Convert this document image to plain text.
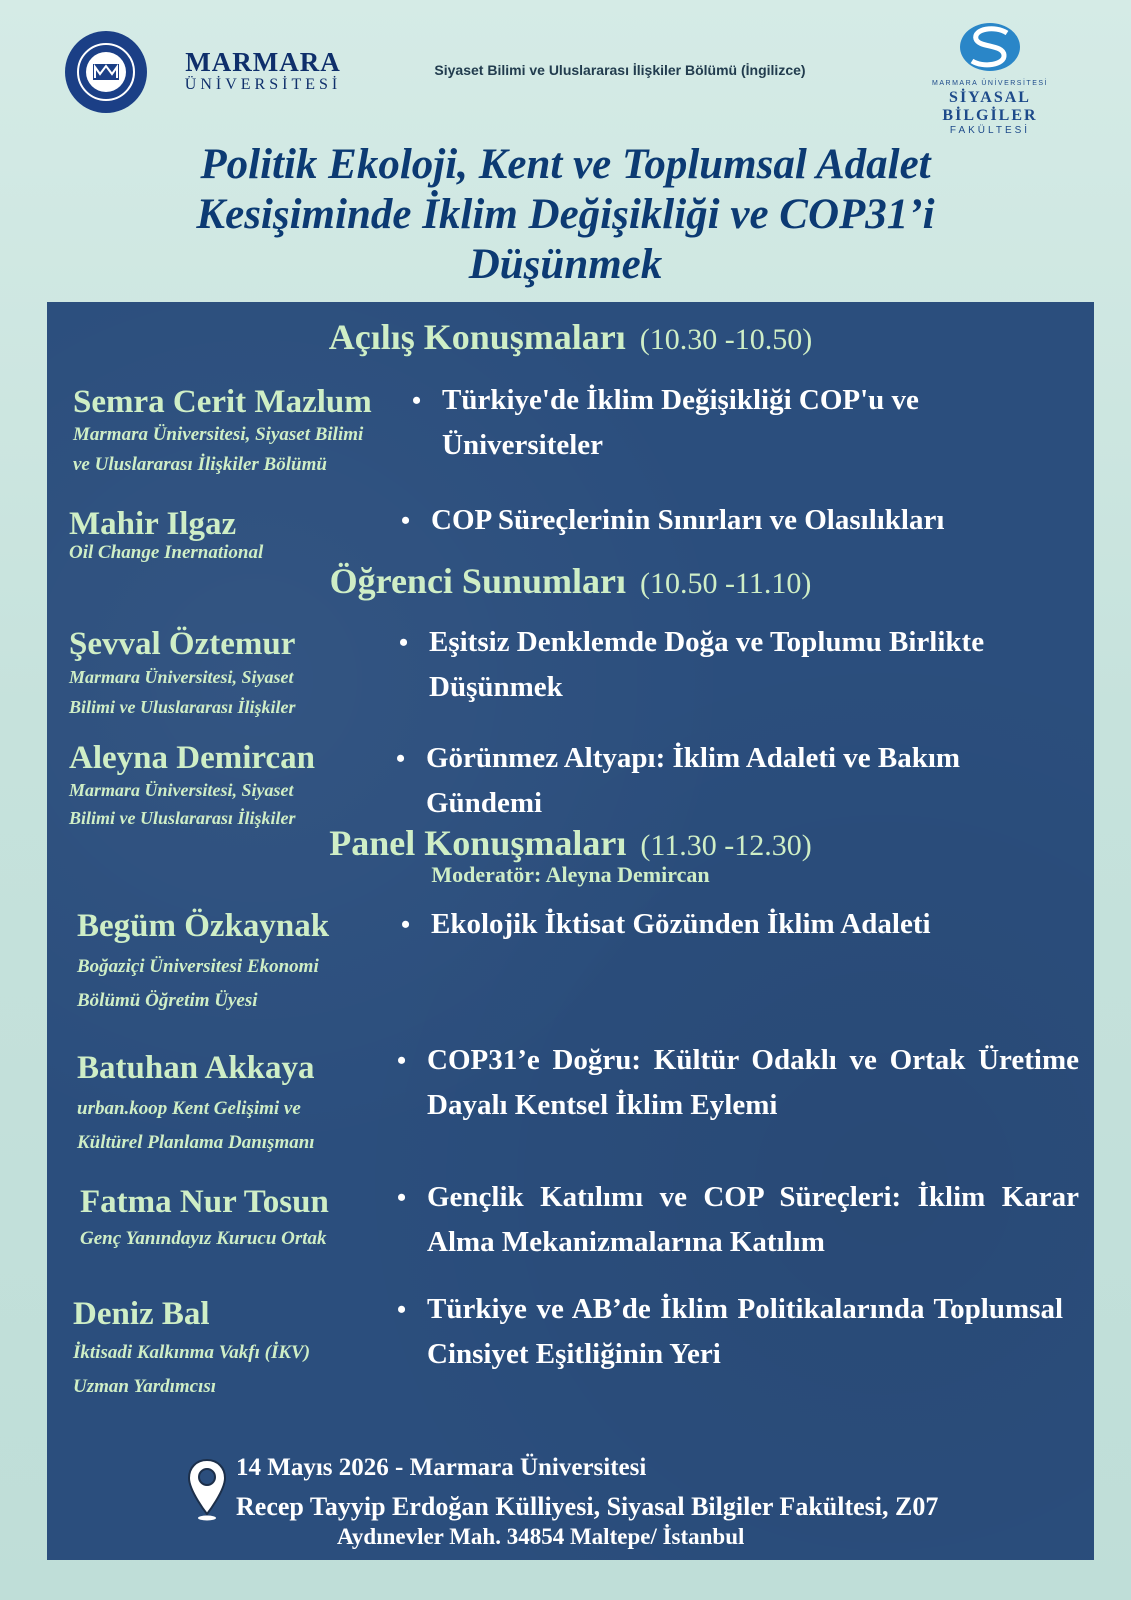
MARMARA
ÜNİVERSİTESİ
Siyaset Bilimi ve Uluslararası İlişkiler Bölümü (İngilizce)
MARMARA ÜNİVERSİTESİ
SİYASAL BİLGİLER
FAKÜLTESİ
Politik Ekoloji, Kent ve Toplumsal Adalet
Kesişiminde İklim Değişikliği ve COP31’i
Düşünmek
Açılış Konuşmaları (10.30 -10.50)
Semra Cerit Mazlum
Marmara Üniversitesi, Siyaset Bilimi
ve Uluslararası İlişkiler Bölümü
• Türkiye'de İklim Değişikliği COP'u ve Üniversiteler
Mahir Ilgaz
Oil Change Inernational
• COP Süreçlerinin Sınırları ve Olasılıkları
Öğrenci Sunumları (10.50 -11.10)
Şevval Öztemur
Marmara Üniversitesi, Siyaset
Bilimi ve Uluslararası İlişkiler
• Eşitsiz Denklemde Doğa ve Toplumu Birlikte Düşünmek
Aleyna Demircan
Marmara Üniversitesi, Siyaset
Bilimi ve Uluslararası İlişkiler
• Görünmez Altyapı: İklim Adaleti ve Bakım Gündemi
Panel Konuşmaları (11.30 -12.30)
Moderatör: Aleyna Demircan
Begüm Özkaynak
Boğaziçi Üniversitesi Ekonomi
Bölümü Öğretim Üyesi
• Ekolojik İktisat Gözünden İklim Adaleti
Batuhan Akkaya
urban.koop Kent Gelişimi ve
Kültürel Planlama Danışmanı
• COP31’e Doğru: Kültür Odaklı ve Ortak Üretime Dayalı Kentsel İklim Eylemi
Fatma Nur Tosun
Genç Yanındayız Kurucu Ortak
• Gençlik Katılımı ve COP Süreçleri: İklim Karar Alma Mekanizmalarına Katılım
Deniz Bal
İktisadi Kalkınma Vakfı (İKV)
Uzman Yardımcısı
• Türkiye ve AB’de İklim Politikalarında Toplumsal Cinsiyet Eşitliğinin Yeri
14 Mayıs 2026 - Marmara Üniversitesi
Recep Tayyip Erdoğan Külliyesi, Siyasal Bilgiler Fakültesi, Z07
Aydınevler Mah. 34854 Maltepe/ İstanbul
